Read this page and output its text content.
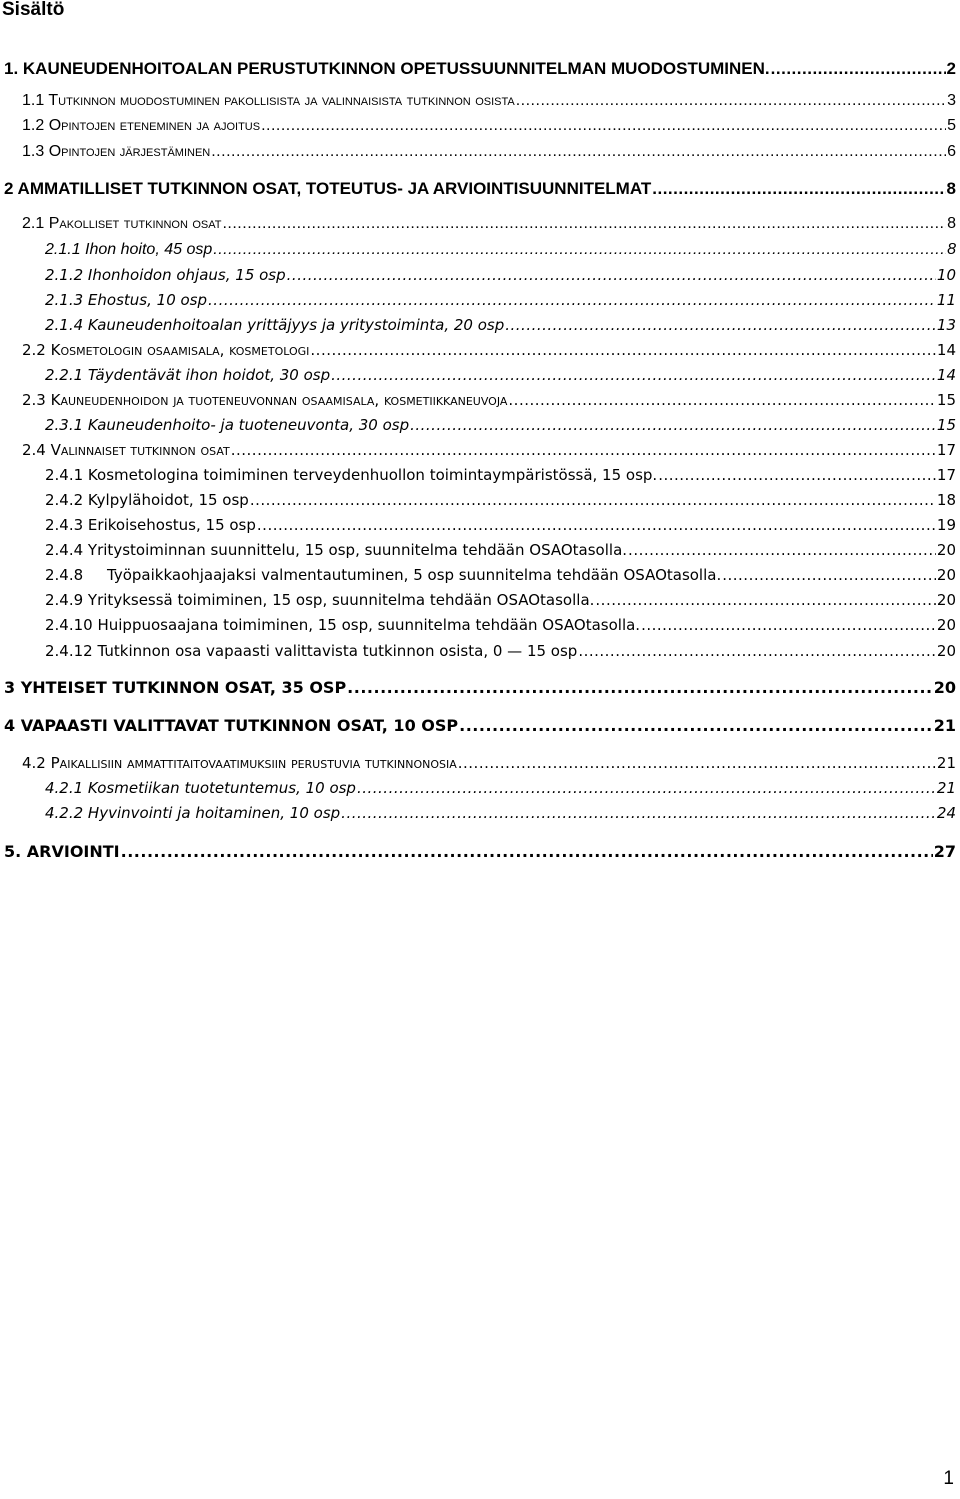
Sisältö
1. KAUNEUDENHOITOALAN PERUSTUTKINNON OPETUSSUUNNITELMAN MUODOSTUMINEN. .....	2
1.1 Tutkinnon muodostuminen pakollisista ja valinnaisista tutkinnon osista .....	3
1.2 Opintojen eteneminen ja ajoitus .....	5
1.3 Opintojen järjestäminen .....	6
2 AMMATILLISET TUTKINNON OSAT, TOTEUTUS- JA ARVIOINTISUUNNITELMAT .....	8
2.1 Pakolliset tutkinnon osat .....	8
2.1.1 Ihon hoito, 45 osp .....	8
2.1.2 Ihonhoidon ohjaus, 15 osp .....	10
2.1.3 Ehostus, 10 osp .....	11
2.1.4 Kauneudenhoitoalan yrittäjyys ja yritystoiminta, 20 osp .....	13
2.2 Kosmetologin osaamisala, kosmetologi .....	14
2.2.1 Täydentävät ihon hoidot, 30 osp .....	14
2.3 Kauneudenhoidon ja tuoteneuvonnan osaamisala, kosmetiikkaneuvoja .....	15
2.3.1 Kauneudenhoito- ja tuoteneuvonta, 30 osp .....	15
2.4 Valinnaiset tutkinnon osat .....	17
2.4.1 Kosmetologina toimiminen terveydenhuollon toimintaympäristössä, 15 osp. .....	17
2.4.2 Kylpylähoidot, 15 osp .....	18
2.4.3 Erikoisehostus, 15 osp .....	19
2.4.4 Yritystoiminnan suunnittelu, 15 osp, suunnitelma tehdään OSAOtasolla. .....	20
2.4.8     Työpaikkaohjaajaksi valmentautuminen, 5 osp suunnitelma tehdään OSAOtasolla. .....	20
2.4.9 Yrityksessä toimiminen, 15 osp, suunnitelma tehdään OSAOtasolla. .....	20
2.4.10 Huippuosaajana toimiminen, 15 osp, suunnitelma tehdään OSAOtasolla. .....	20
2.4.12 Tutkinnon osa vapaasti valittavista tutkinnon osista, 0 — 15 osp .....	20
3 YHTEISET TUTKINNON OSAT, 35 OSP .....	20
4 VAPAASTI VALITTAVAT TUTKINNON OSAT, 10 OSP .....	21
4.2 Paikallisiin ammattitaitovaatimuksiin perustuvia tutkinnonosia .....	21
4.2.1 Kosmetiikan tuotetuntemus, 10 osp .....	21
4.2.2 Hyvinvointi ja hoitaminen, 10 osp .....	24
5. ARVIOINTI .....	27
1
